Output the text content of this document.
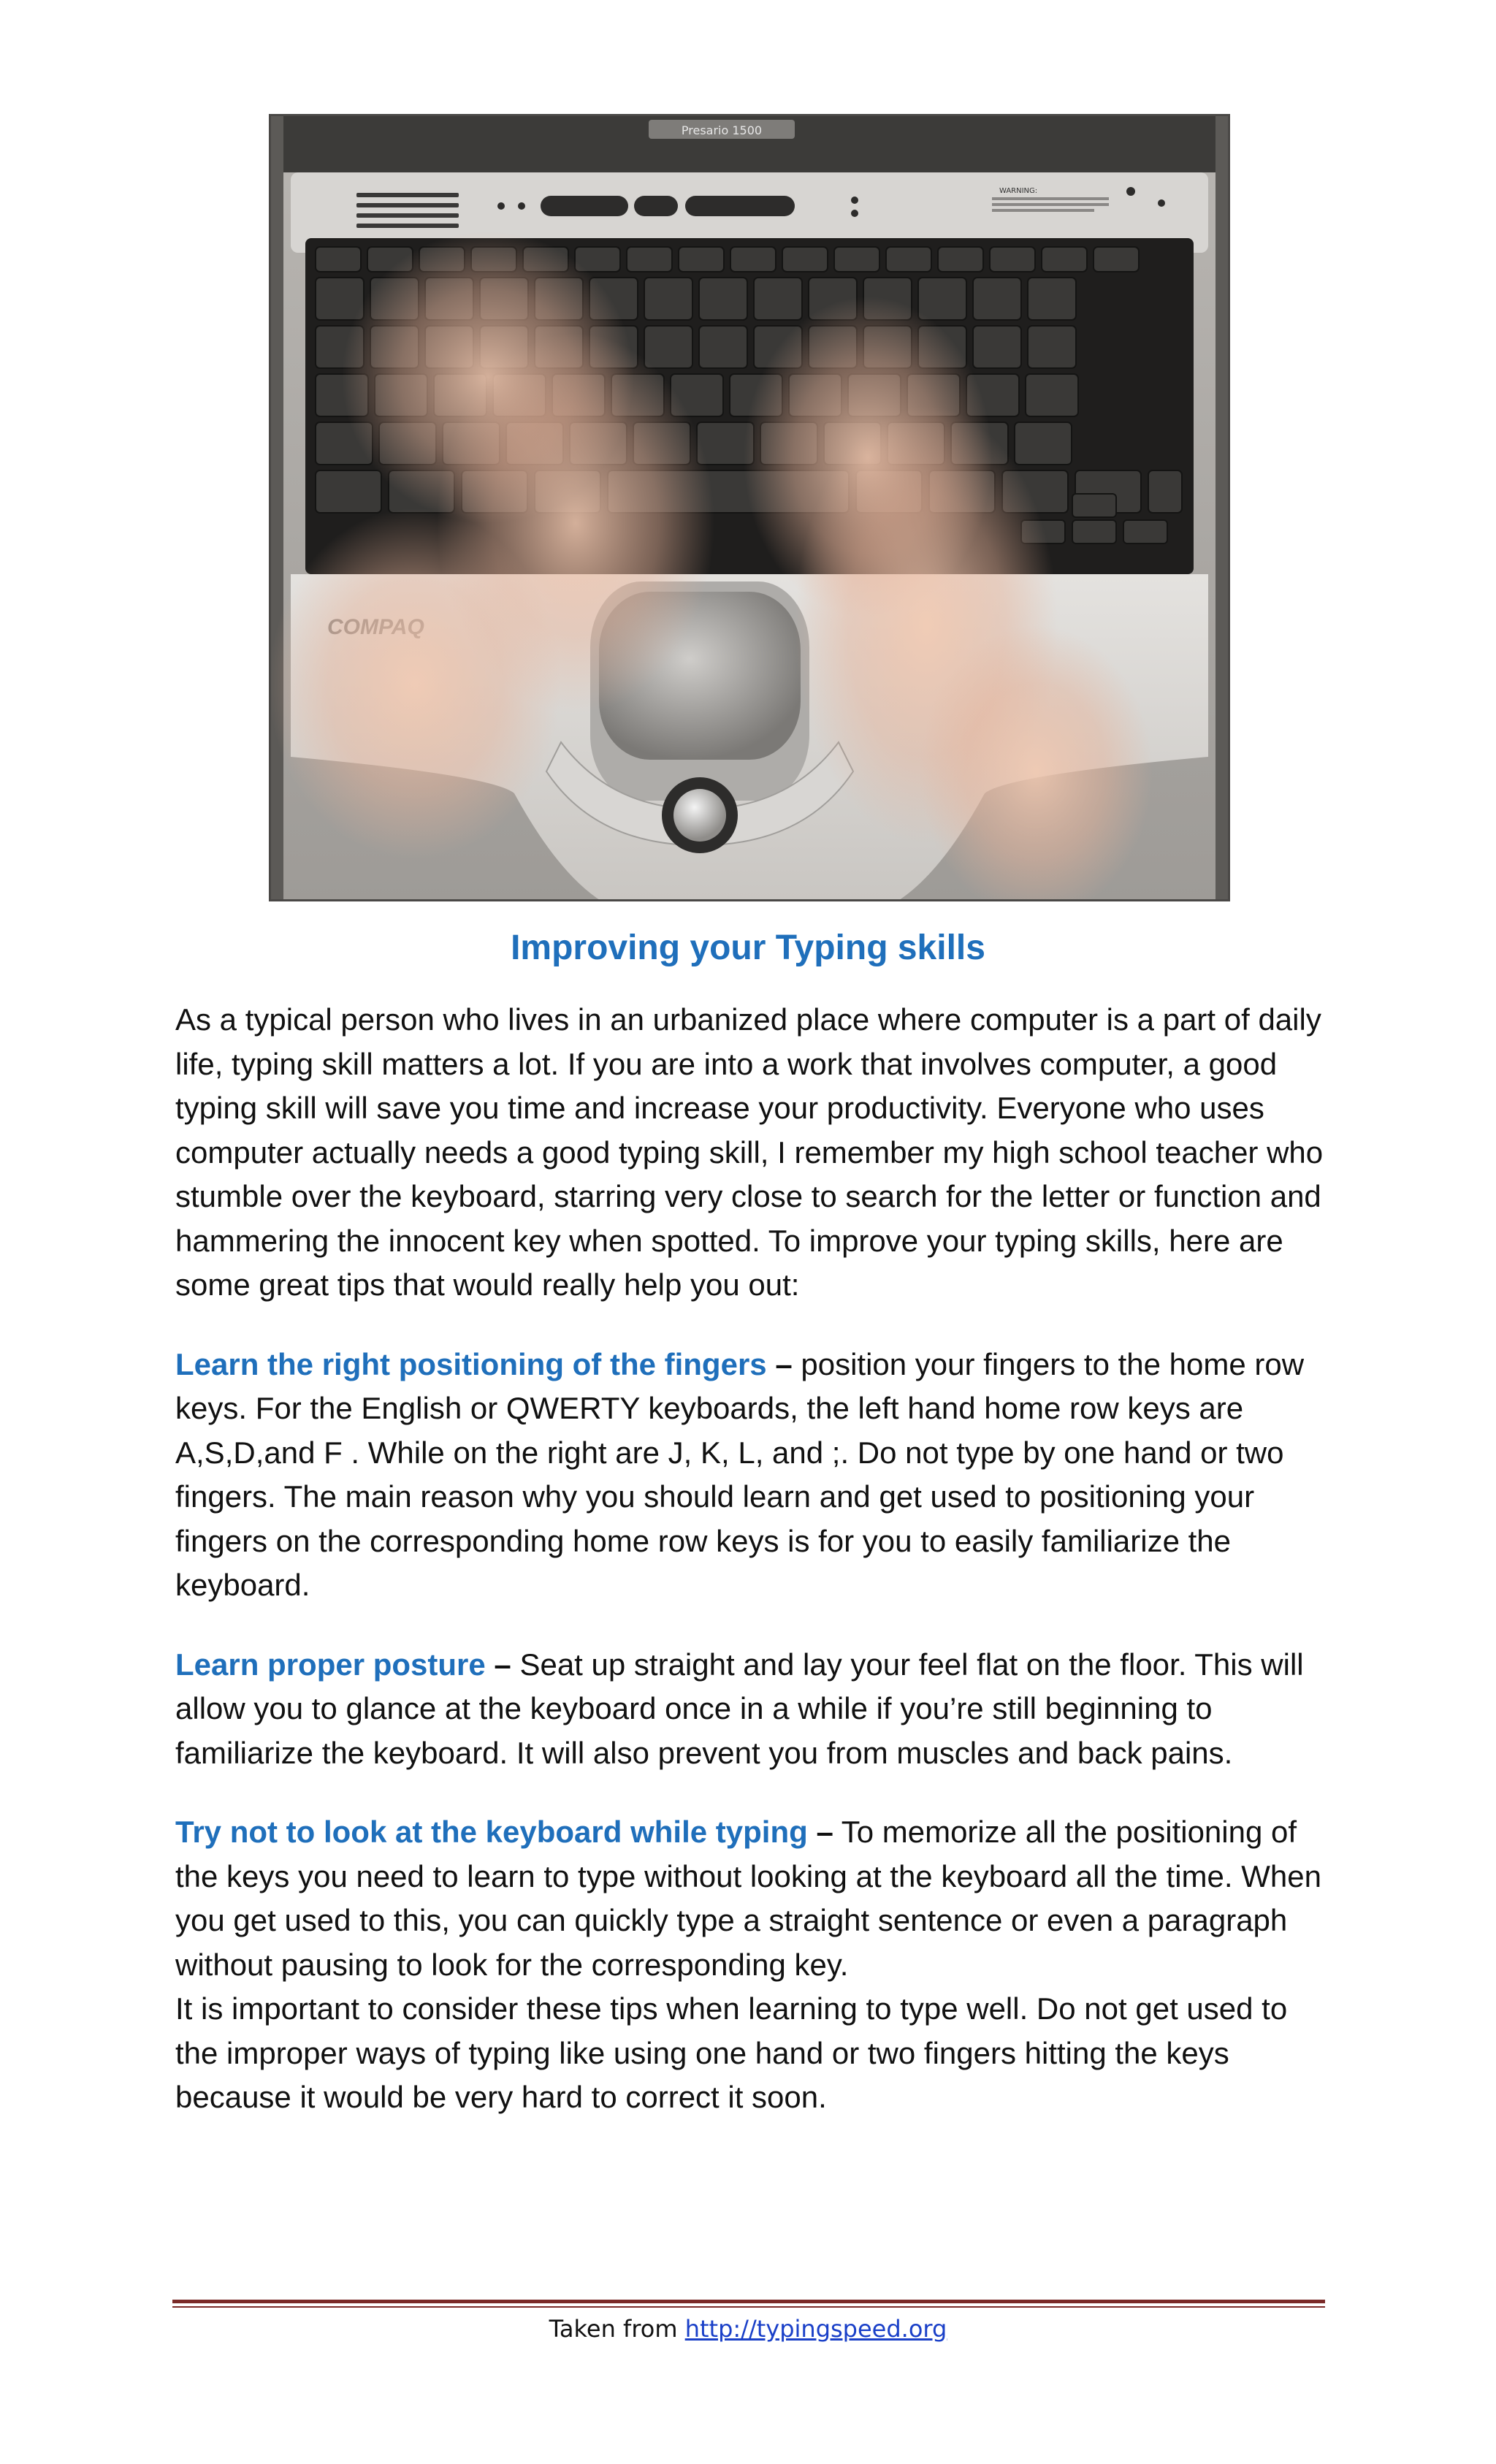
Presario 1500
WARNING:
Improving your Typing skills

As a typical person who lives in an urbanized place where computer is a part of daily life, typing skill matters a lot. If you are into a work that involves computer, a good typing skill will save you time and increase your productivity. Everyone who uses computer actually needs a good typing skill, I remember my high school teacher who stumble over the keyboard, starring very close to search for the letter or function and hammering the innocent key when spotted. To improve your typing skills, here are some great tips that would really help you out:

Learn the right positioning of the fingers – position your fingers to the home row keys. For the English or QWERTY keyboards, the left hand home row keys are A,S,D,and F . While on the right are J, K, L, and ;. Do not type by one hand or two fingers. The main reason why you should learn and get used to positioning your fingers on the corresponding home row keys is for you to easily familiarize the keyboard.

Learn proper posture – Seat up straight and lay your feel flat on the floor. This will allow you to glance at the keyboard once in a while if you’re still beginning to familiarize the keyboard. It will also prevent you from muscles and back pains.

Try not to look at the keyboard while typing – To memorize all the positioning of the keys you need to learn to type without looking at the keyboard all the time. When you get used to this, you can quickly type a straight sentence or even a paragraph without pausing to look for the corresponding key.

It is important to consider these tips when learning to type well. Do not get used to the improper ways of typing like using one hand or two fingers hitting the keys because it would be very hard to correct it soon.

Taken from http://typingspeed.org
